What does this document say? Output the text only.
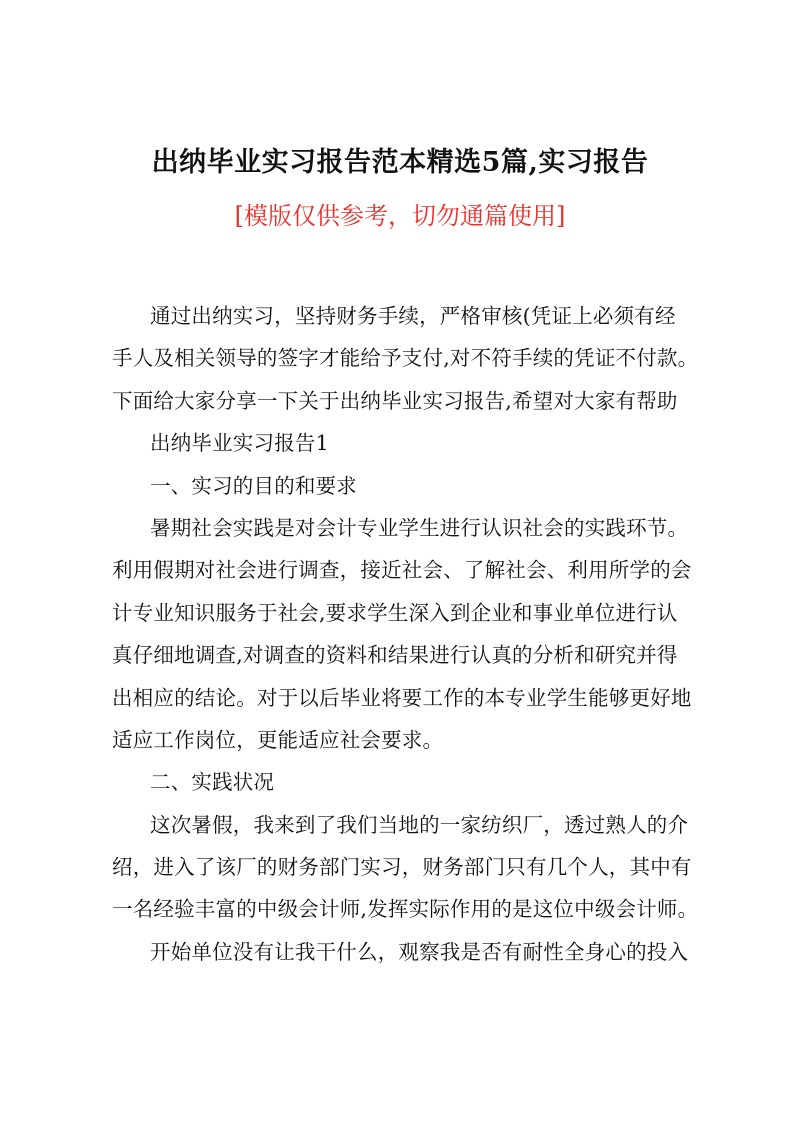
出纳毕业实习报告范本精选5篇,实习报告
[模版仅供参考，切勿通篇使用]
通过出纳实习，坚持财务手续，严格审核(凭证上必须有经
手人及相关领导的签字才能给予支付,对不符手续的凭证不付款。
下面给大家分享一下关于出纳毕业实习报告,希望对大家有帮助
出纳毕业实习报告1
一、实习的目的和要求
暑期社会实践是对会计专业学生进行认识社会的实践环节。
利用假期对社会进行调查，接近社会、了解社会、利用所学的会
计专业知识服务于社会,要求学生深入到企业和事业单位进行认
真仔细地调查,对调查的资料和结果进行认真的分析和研究并得
出相应的结论。对于以后毕业将要工作的本专业学生能够更好地
适应工作岗位，更能适应社会要求。
二、实践状况
这次暑假，我来到了我们当地的一家纺织厂，透过熟人的介
绍，进入了该厂的财务部门实习，财务部门只有几个人，其中有
一名经验丰富的中级会计师,发挥实际作用的是这位中级会计师。
开始单位没有让我干什么，观察我是否有耐性全身心的投入
